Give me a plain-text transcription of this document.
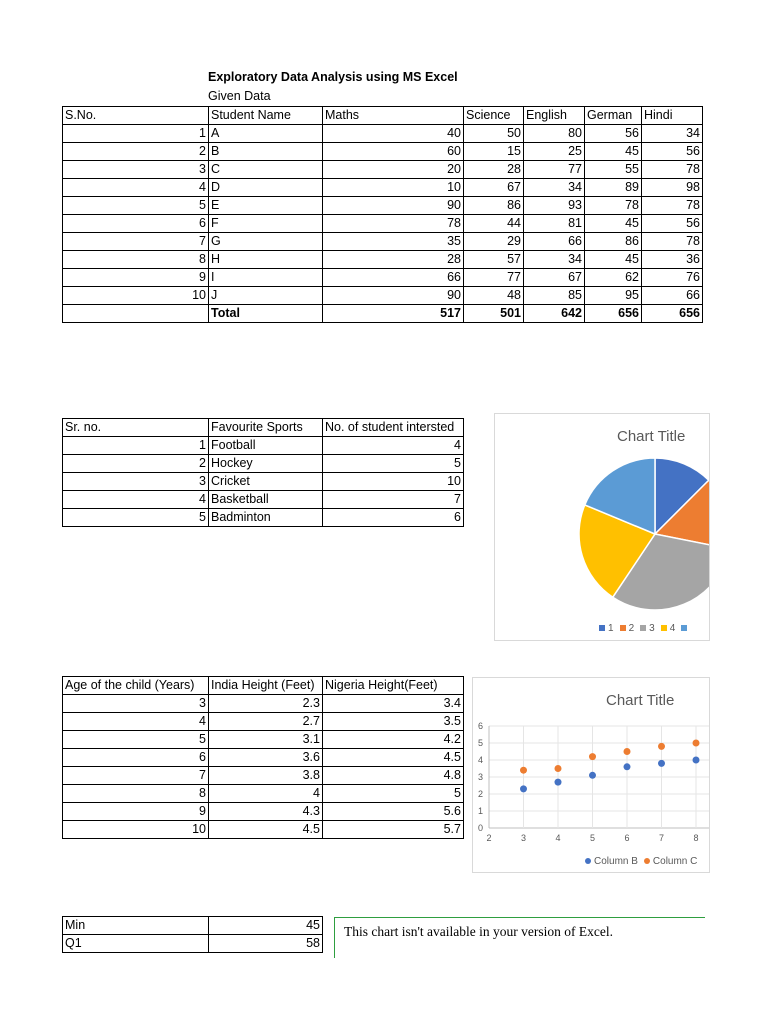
Exploratory Data Analysis using MS Excel
Given Data
S.No.	Student Name	Maths	Science	English	German	Hindi
1	A	40	50	80	56	34
2	B	60	15	25	45	56
3	C	20	28	77	55	78
4	D	10	67	34	89	98
5	E	90	86	93	78	78
6	F	78	44	81	45	56
7	G	35	29	66	86	78
8	H	28	57	34	45	36
9	I	66	77	67	62	76
10	J	90	48	85	95	66
	Total	517	501	642	656	656
Sr. no.	Favourite Sports	No. of student intersted
1	Football	4
2	Hockey	5
3	Cricket	10
4	Basketball	7
5	Badminton	6
Chart Title
1 2 3 4
Age of the child (Years)	India Height (Feet)	Nigeria Height(Feet)
3	2.3	3.4
4	2.7	3.5
5	3.1	4.2
6	3.6	4.5
7	3.8	4.8
8	4	5
9	4.3	5.6
10	4.5	5.7
Chart Title
0
1
2
3
4
5
6
2	3	4	5	6	7	8
Column B Column C
Min	45
Q1	58
This chart isn't available in your version of Excel.
